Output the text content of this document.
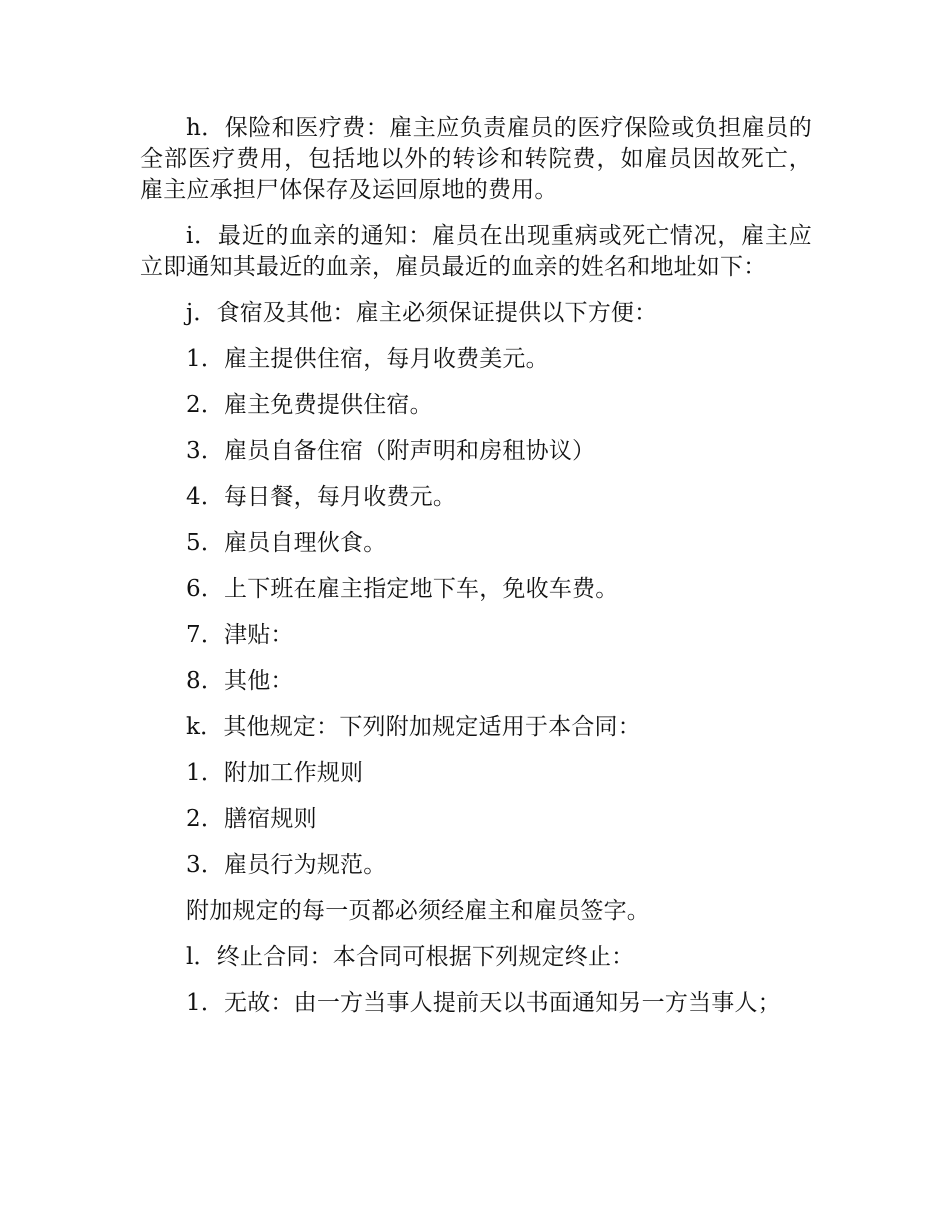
h．保险和医疗费：雇主应负责雇员的医疗保险或负担雇员的全部医疗费用，包括地以外的转诊和转院费，如雇员因故死亡，雇主应承担尸体保存及运回原地的费用。

i．最近的血亲的通知：雇员在出现重病或死亡情况，雇主应立即通知其最近的血亲，雇员最近的血亲的姓名和地址如下：

j．食宿及其他：雇主必须保证提供以下方便：
1．雇主提供住宿，每月收费美元。
2．雇主免费提供住宿。
3．雇员自备住宿（附声明和房租协议）
4．每日餐，每月收费元。
5．雇员自理伙食。
6．上下班在雇主指定地下车，免收车费。
7．津贴：
8．其他：
k．其他规定：下列附加规定适用于本合同：
1．附加工作规则
2．膳宿规则
3．雇员行为规范。
附加规定的每一页都必须经雇主和雇员签字。
l．终止合同：本合同可根据下列规定终止：
1．无故：由一方当事人提前天以书面通知另一方当事人；
